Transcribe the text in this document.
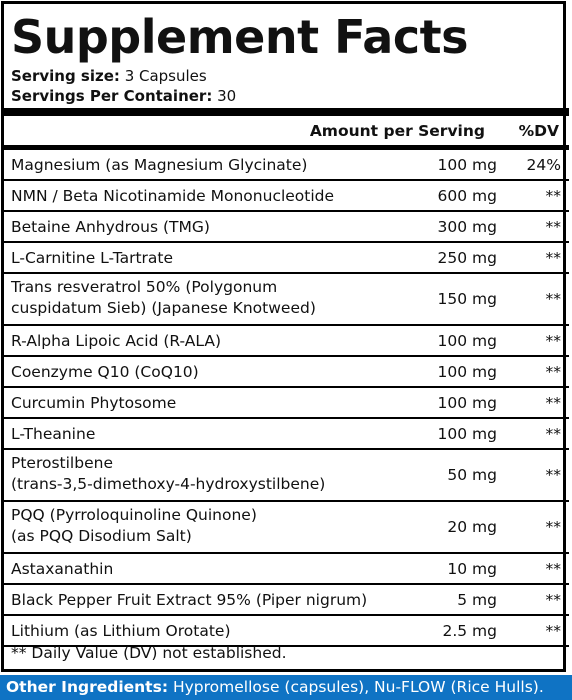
Supplement Facts
Serving size: 3 Capsules
Servings Per Container: 30
Amount per Serving %DV
Magnesium (as Magnesium Glycinate)	100 mg 24%
NMN / Beta Nicotinamide Mononucleotide	600 mg	**
Betaine Anhydrous (TMG)	300 mg	**
L-Carnitine L-Tartrate	250 mg	**
Trans resveratrol 50% (Polygonum
cuspidatum Sieb) (Japanese Knotweed)	150 mg	**
R-Alpha Lipoic Acid (R-ALA)	100 mg	**
Coenzyme Q10 (CoQ10)	100 mg	**
Curcumin Phytosome	100 mg	**
L-Theanine	100 mg	**
Pterostilbene
(trans-3,5-dimethoxy-4-hydroxystilbene)	50 mg	**
PQQ (Pyrroloquinoline Quinone)
(as PQQ Disodium Salt)	20 mg	**
Astaxanathin	10 mg	**
Black Pepper Fruit Extract 95% (Piper nigrum)	5 mg	**
Lithium (as Lithium Orotate)	2.5 mg	**
** Daily Value (DV) not established.
Other Ingredients: Hypromellose (capsules), Nu-FLOW (Rice Hulls).
